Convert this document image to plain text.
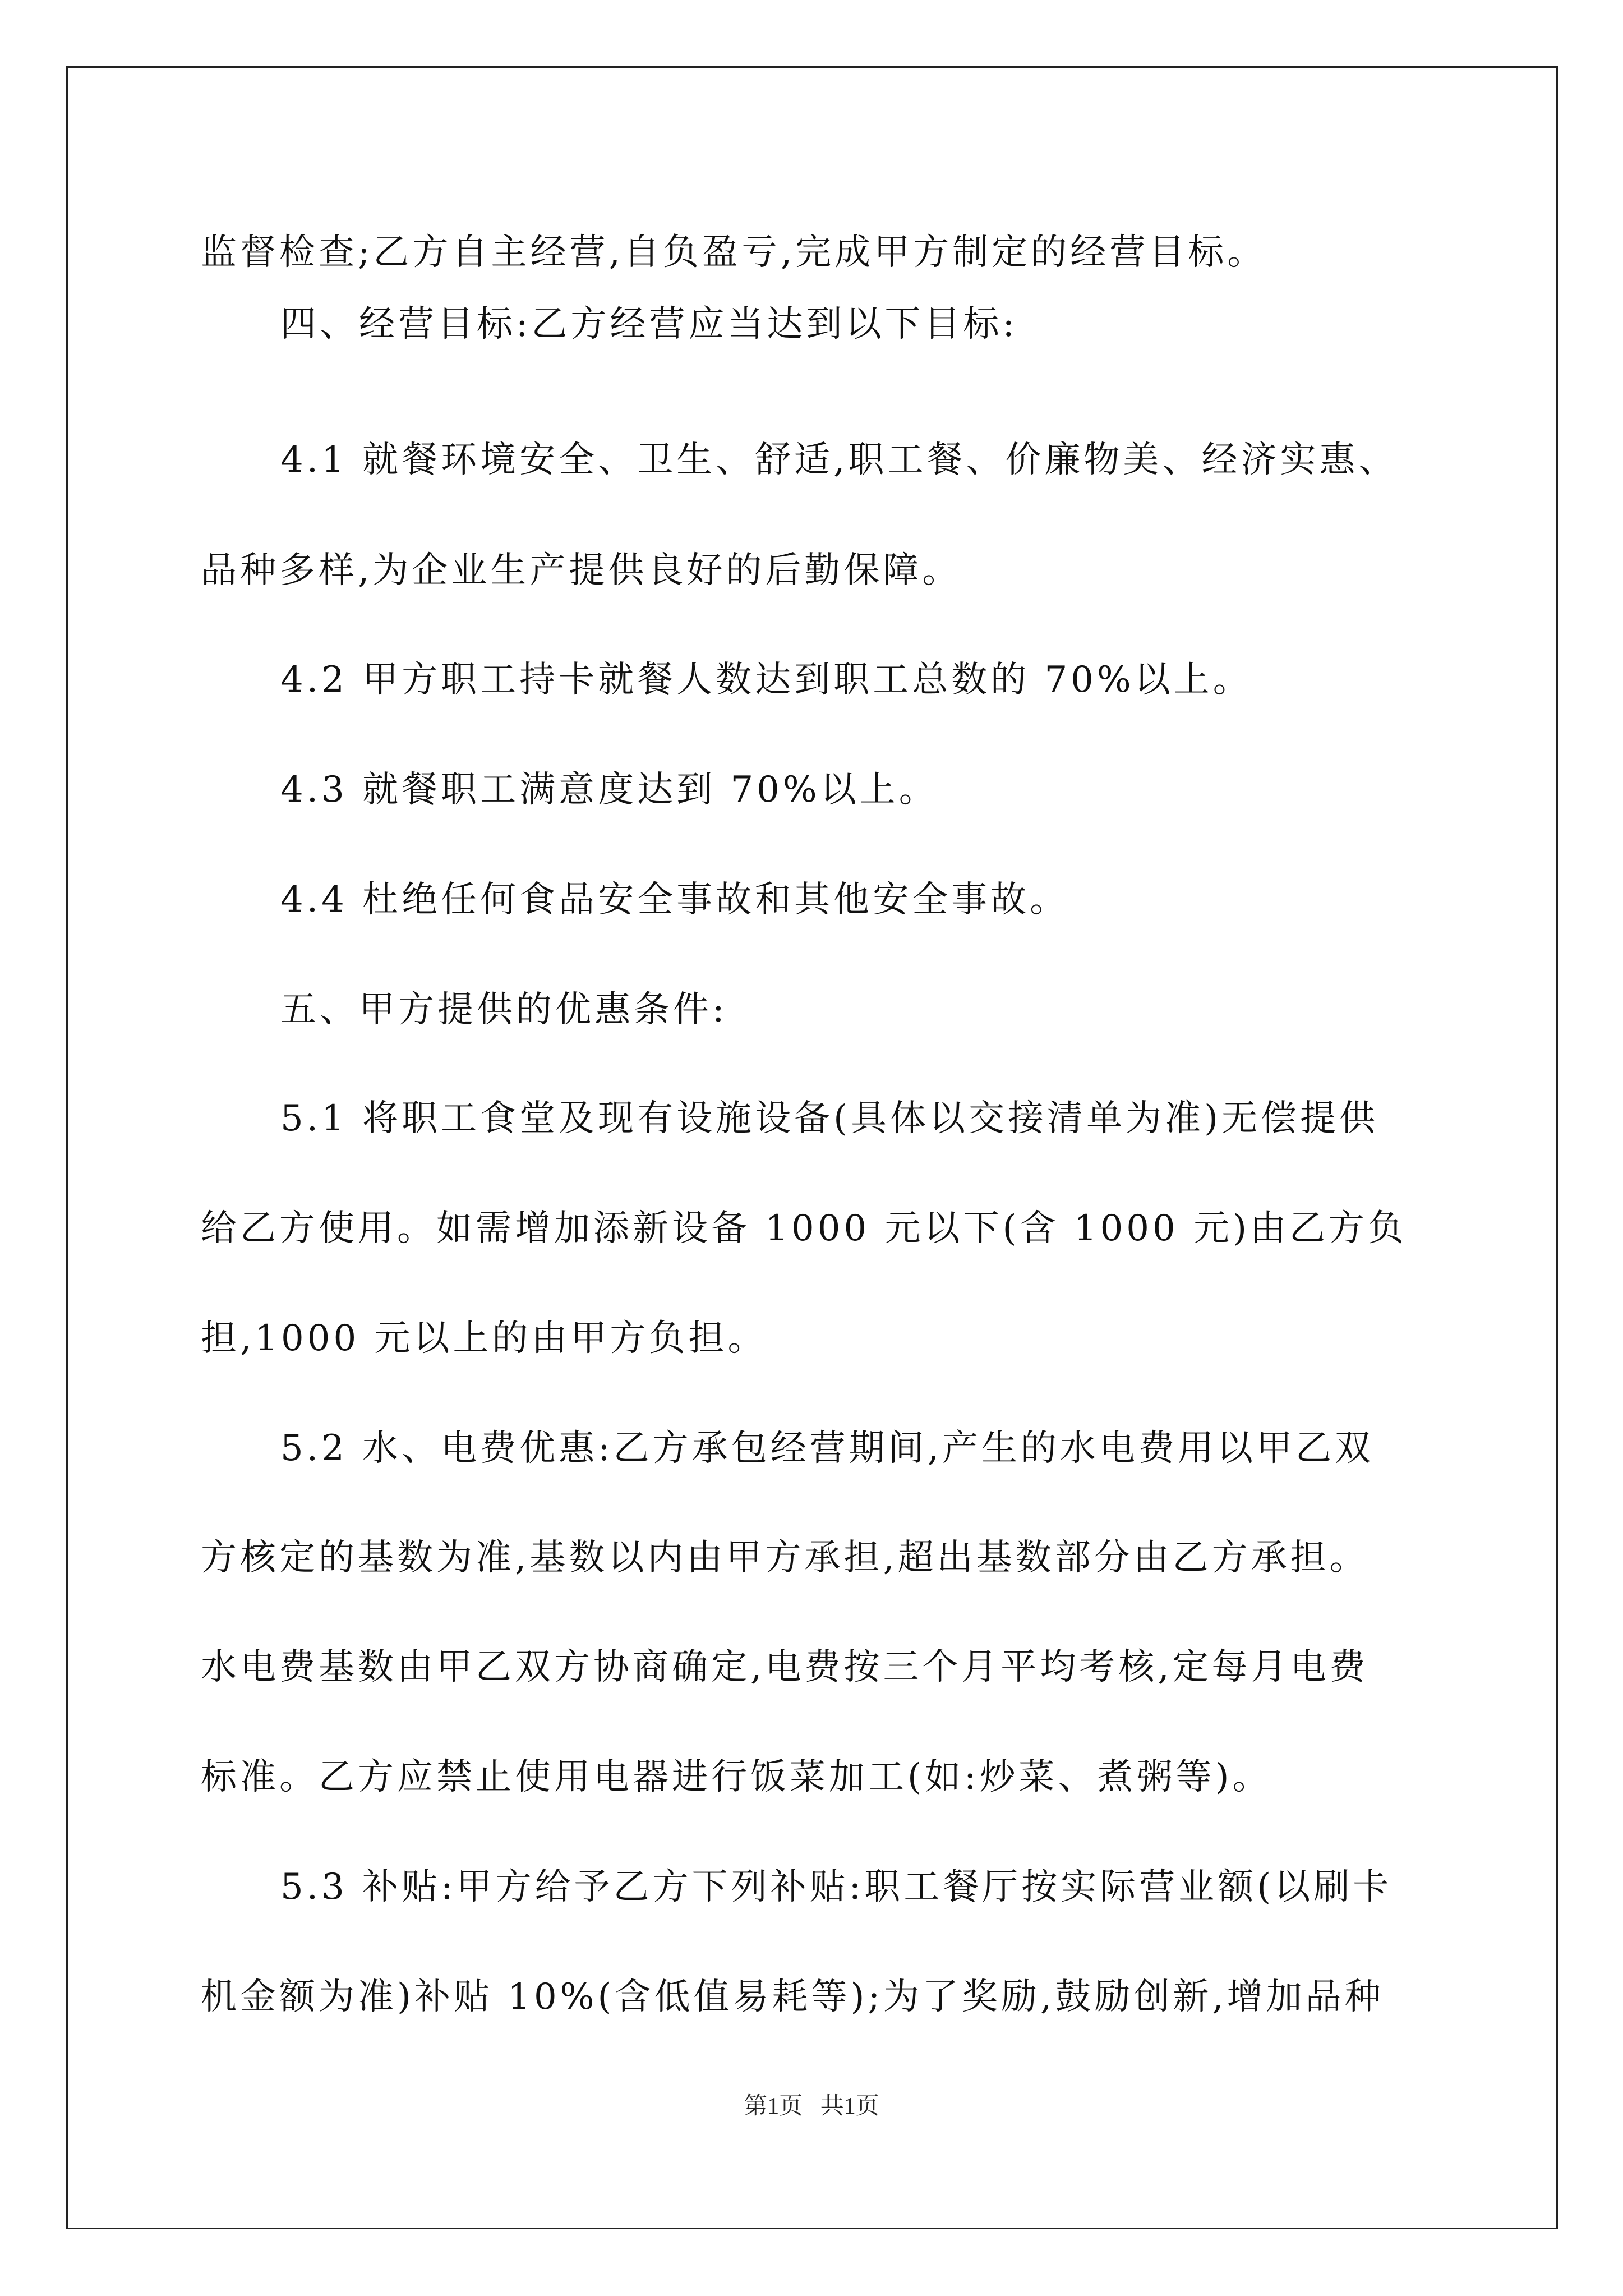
监督检查;乙方自主经营,自负盈亏,完成甲方制定的经营目标。
四、经营目标:乙方经营应当达到以下目标:
4.1 就餐环境安全、卫生、舒适,职工餐、价廉物美、经济实惠、
品种多样,为企业生产提供良好的后勤保障。
4.2 甲方职工持卡就餐人数达到职工总数的 70%以上。
4.3 就餐职工满意度达到 70%以上。
4.4 杜绝任何食品安全事故和其他安全事故。
五、甲方提供的优惠条件:
5.1 将职工食堂及现有设施设备(具体以交接清单为准)无偿提供
给乙方使用。如需增加添新设备 1000 元以下(含 1000 元)由乙方负
担,1000 元以上的由甲方负担。
5.2 水、电费优惠:乙方承包经营期间,产生的水电费用以甲乙双
方核定的基数为准,基数以内由甲方承担,超出基数部分由乙方承担。
水电费基数由甲乙双方协商确定,电费按三个月平均考核,定每月电费
标准。乙方应禁止使用电器进行饭菜加工(如:炒菜、煮粥等)。
5.3 补贴:甲方给予乙方下列补贴:职工餐厅按实际营业额(以刷卡
机金额为准)补贴 10%(含低值易耗等);为了奖励,鼓励创新,增加品种
第1页   共1页
